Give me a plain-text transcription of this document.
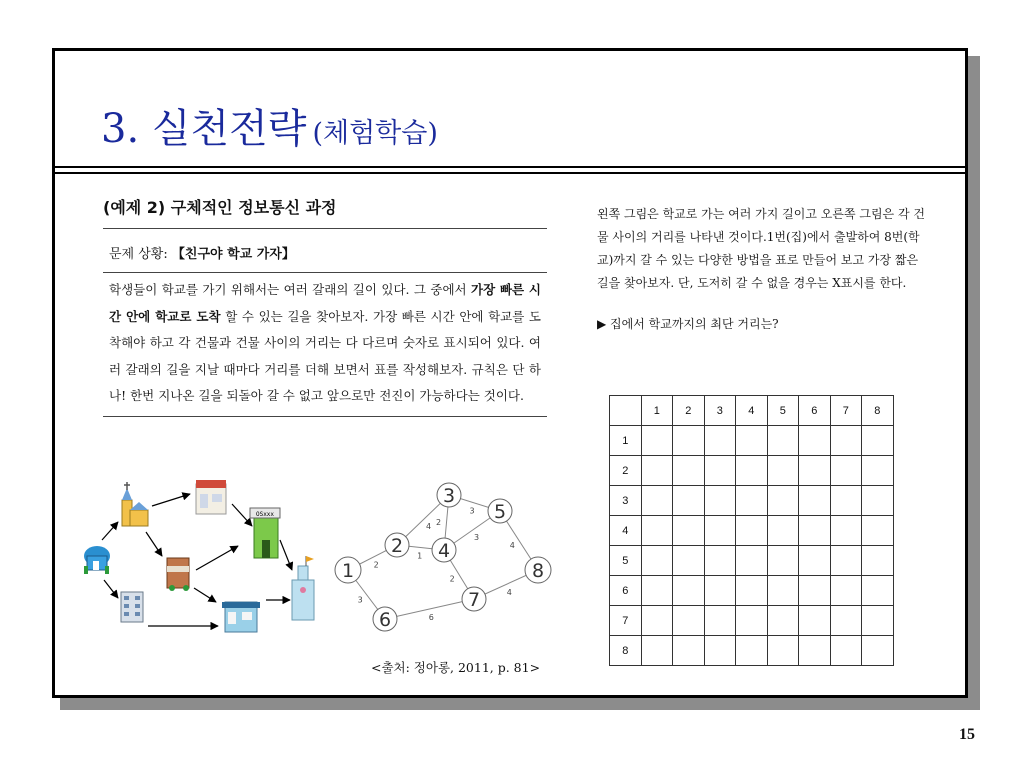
3. 실천전략 (체험학습)
(예제 2) 구체적인 정보통신 과정
문제 상황: 【친구야 학교 가자】
학생들이 학교를 가기 위해서는 여러 갈래의 길이 있다. 그 중에서 가장 빠른 시간 안에 학교로 도착 할 수 있는 길을 찾아보자. 가장 빠른 시간 안에 학교를 도착해야 하고 각 건물과 건물 사이의 거리는 다 다르며 숫자로 표시되어 있다. 여러 갈래의 길을 지날 때마다 거리를 더해 보면서 표를 작성해보자. 규칙은 단 하나! 한번 지나온 길을 되돌아 갈 수 없고 앞으로만 전진이 가능하다는 것이다.
왼쪽 그림은 학교로 가는 여러 가지 길이고 오른쪽 그림은 각 건물 사이의 거리를 나타낸 것이다.1번(집)에서 출발하여 8번(학교)까지 갈 수 있는 다양한 방법을 표로 만들어 보고 가장 짧은 길을 찾아보자. 단, 도저히 갈 수 없을 경우는 X표시를 한다.
▶ 집에서 학교까지의 최단 거리는?
	1	2	3	4	5	6	7	8
1								
2								
3								
4								
5								
6								
7								
8								
<출처: 정아롱, 2011, p. 81>
OSxxx
2
3
4
1
2
3
3
2
6
4
4
1
2
3
4
5
6
7
8
15
